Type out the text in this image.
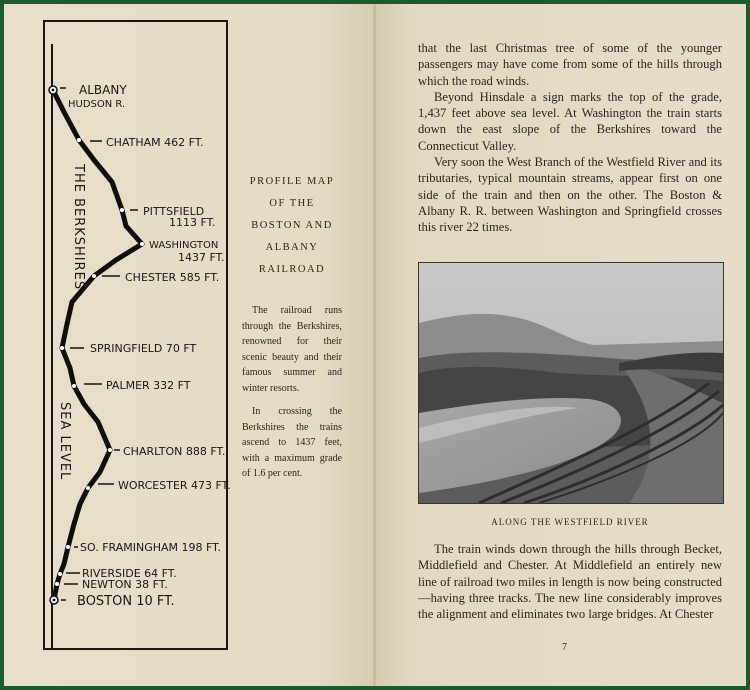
ALBANY
HUDSON R.
CHATHAM 462 FT.
PITTSFIELD
1113 FT.
WASHINGTON
1437 FT.
CHESTER 585 FT.
SPRINGFIELD 70 FT
PALMER 332 FT
CHARLTON 888 FT.
WORCESTER 473 FT.
SO. FRAMINGHAM 198 FT.
RIVERSIDE 64 FT.
NEWTON 38 FT.
BOSTON 10 FT.
THE BERKSHIRES
SEA LEVEL
PROFILE MAP
OF THE
BOSTON AND
ALBANY
RAILROAD

The railroad runs through the Berkshires, renowned for their scenic beauty and their famous summer and winter resorts.

In crossing the Berkshires the trains ascend to 1437 feet, with a maximum grade of 1.6 per cent.

that the last Christmas tree of some of the younger passengers may have come from some of the hills through which the road winds.

Beyond Hinsdale a sign marks the top of the grade, 1,437 feet above sea level. At Washington the train starts down the east slope of the Berkshires toward the Connecticut Valley.

Very soon the West Branch of the Westfield River and its tributaries, typical mountain streams, appear first on one side of the train and then on the other. The Boston & Albany R. R. between Washington and Springfield crosses this river 22 times.

ALONG THE WESTFIELD RIVER

The train winds down through the hills through Becket, Middlefield and Chester. At Middlefield an entirely new line of railroad two miles in length is now being constructed—having three tracks. The new line considerably improves the alignment and eliminates two large bridges. At Chester

7
